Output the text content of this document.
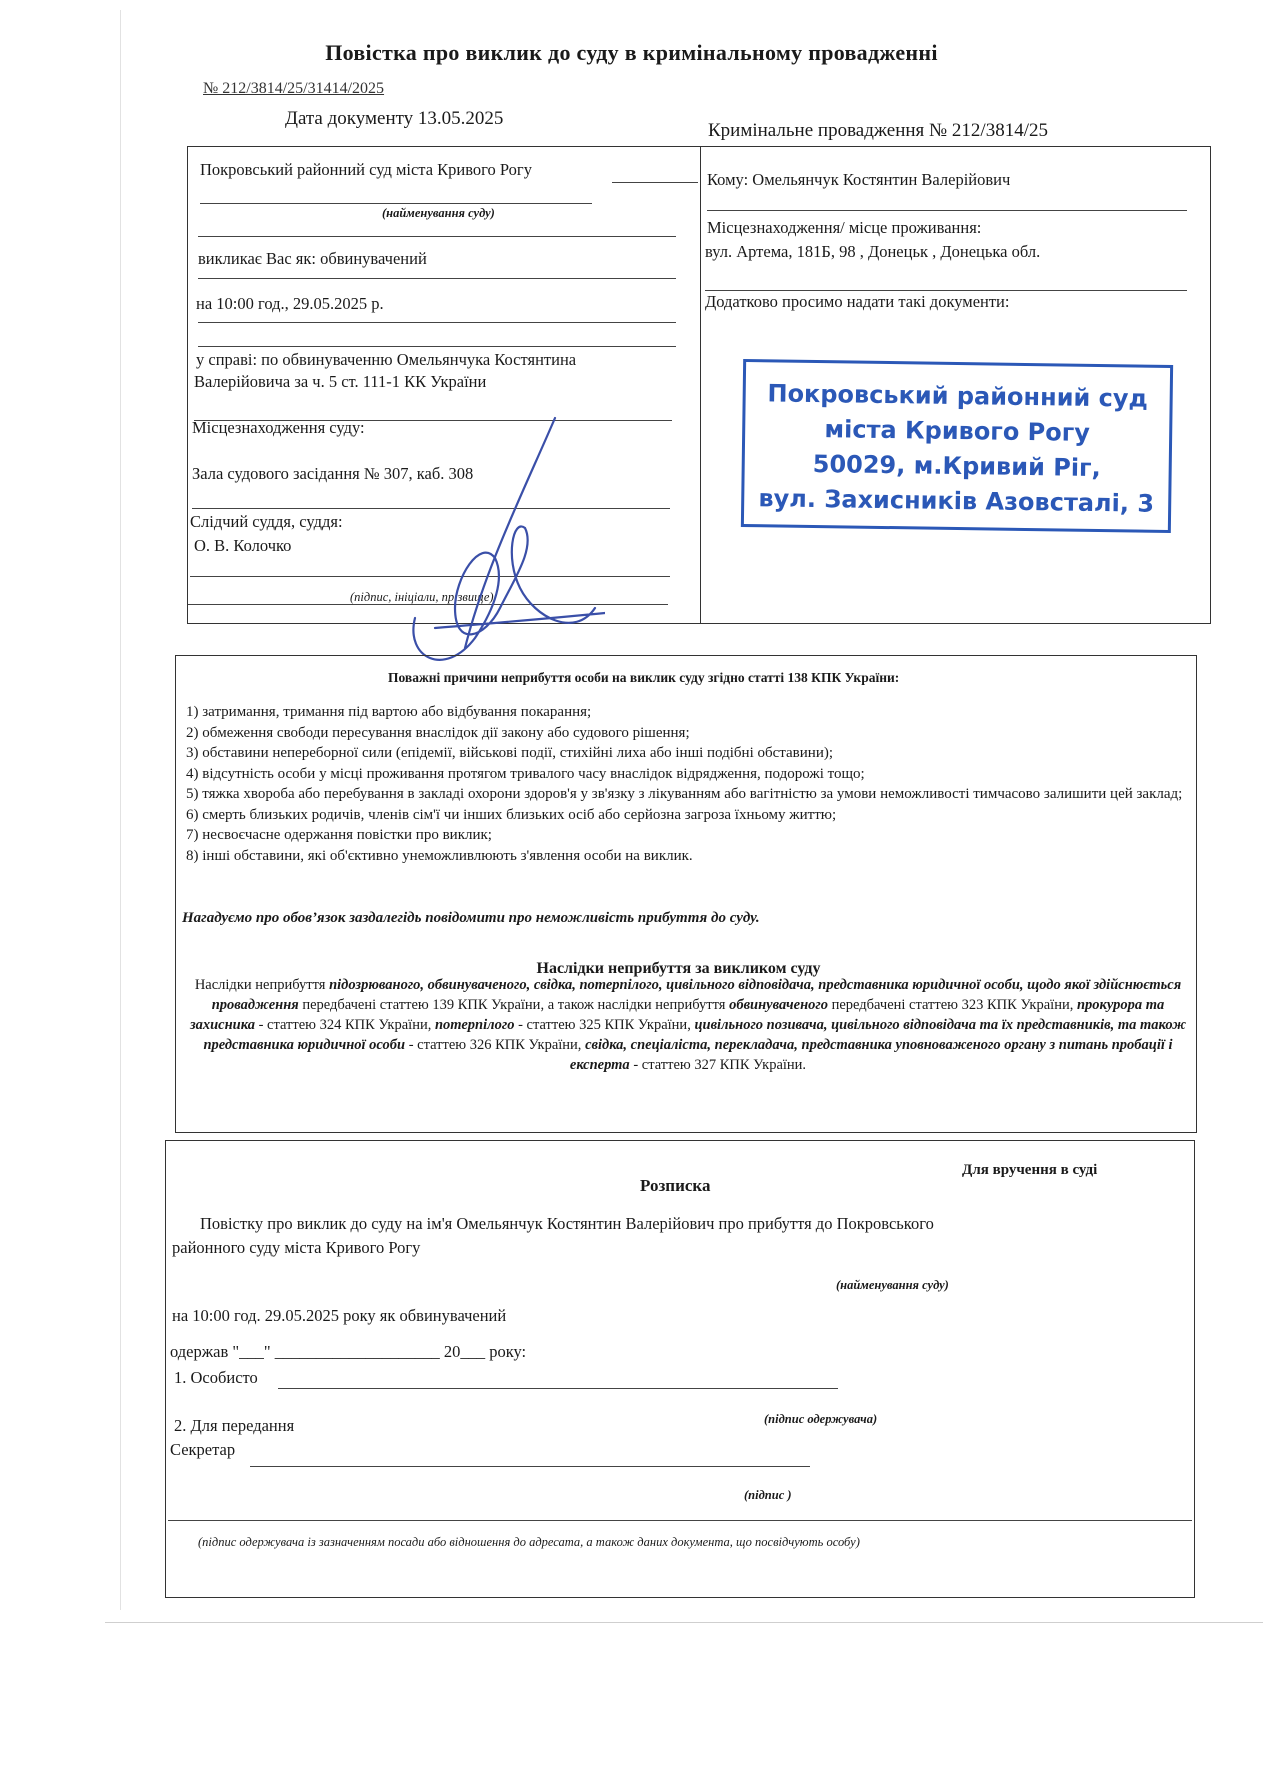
Повістка про виклик до суду в кримінальному провадженні
№ 212/3814/25/31414/2025
Дата документу 13.05.2025
Кримінальне провадження № 212/3814/25
Покровський районний суд міста Кривого Рогу
(найменування суду)
викликає Вас як: обвинувачений
на 10:00 год., 29.05.2025 р.
у справі: по обвинуваченню Омельянчука Костянтина
Валерійовича за ч. 5 ст. 111-1 КК України
Місцезнаходження суду:
Зала судового засідання № 307, каб. 308
Слідчий суддя, суддя:
О. В. Колочко
(підпис, ініціали, прізвище)
Кому: Омельянчук Костянтин Валерійович
Місцезнаходження/ місце проживання:
вул. Артема, 181Б, 98 , Донецьк , Донецька обл.
Додатково просимо надати такі документи:
Покровський районний суд
міста Кривого Рогу
50029, м.Кривий Ріг,
вул. Захисників Азовсталі, 3
Поважні причини неприбуття особи на виклик суду згідно статті 138 КПК України:
1) затримання, тримання під вартою або відбування покарання;
2) обмеження свободи пересування внаслідок дії закону або судового рішення;
3) обставини непереборної сили (епідемії, військові події, стихійні лиха або інші подібні обставини);
4) відсутність особи у місці проживання протягом тривалого часу внаслідок відрядження, подорожі тощо;
5) тяжка хвороба або перебування в закладі охорони здоров'я у зв'язку з лікуванням або вагітністю за умови неможливості тимчасово залишити цей заклад;
6) смерть близьких родичів, членів сім'ї чи інших близьких осіб або серйозна загроза їхньому життю;
7) несвоєчасне одержання повістки про виклик;
8) інші обставини, які об'єктивно унеможливлюють з'явлення особи на виклик.
Нагадуємо про обов’язок заздалегідь повідомити про неможливість прибуття до суду.
Наслідки неприбуття за викликом суду
Наслідки неприбуття підозрюваного, обвинуваченого, свідка, потерпілого, цивільного відповідача, представника юридичної особи, щодо якої здійснюється провадження передбачені статтею 139 КПК України, а також наслідки неприбуття обвинуваченого передбачені статтею 323 КПК України, прокурора та захисника - статтею 324 КПК України, потерпілого - статтею 325 КПК України, цивільного позивача, цивільного відповідача та їх представників, та також представника юридичної особи - статтею 326 КПК України, свідка, спеціаліста, перекладача, представника уповноваженого органу з питань пробації і експерта - статтею 327 КПК України.
Для вручення в суді
Розписка
Повістку про виклик до суду на ім'я Омельянчук Костянтин Валерійович про прибуття до Покровського
районного суду міста Кривого Рогу
(найменування суду)
на 10:00 год. 29.05.2025 року як обвинувачений
одержав "___" ____________________ 20___ року:
1. Особисто
(підпис одержувача)
2. Для передання
Секретар
(підпис )
(підпис одержувача із зазначенням посади або відношення до адресата, а також даних документа, що посвідчують особу)
